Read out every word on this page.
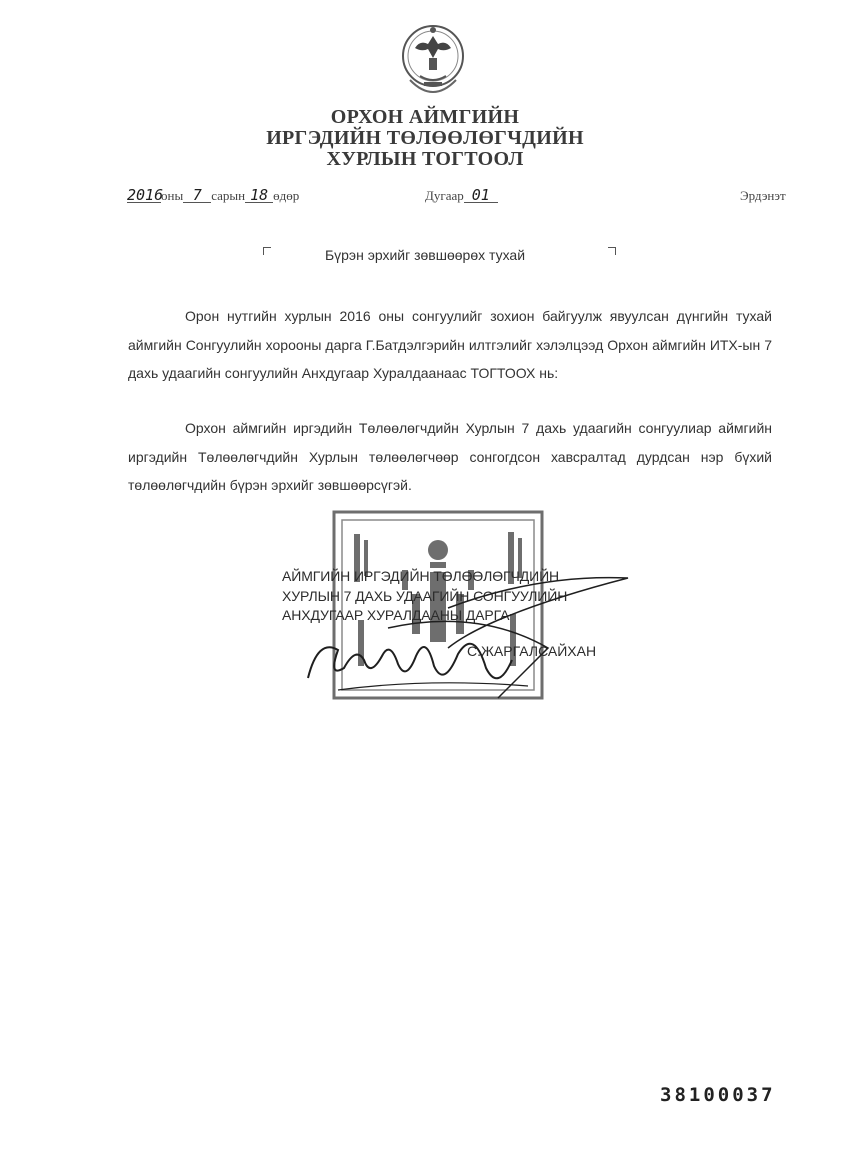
ОРХОН АЙМГИЙН
ИРГЭДИЙН ТӨЛӨӨЛӨГЧДИЙН
ХУРЛЫН ТОГТООЛ
2016оны 7 сарын 18 өдөр	Дугаар 01	Эрдэнэт
Бүрэн эрхийг зөвшөөрөх тухай
Орон нутгийн хурлын 2016 оны сонгуулийг зохион байгуулж явуулсан дүнгийн тухай аймгийн Сонгуулийн хорооны дарга Г.Батдэлгэрийн илтгэлийг хэлэлцээд Орхон аймгийн ИТХ-ын 7 дахь удаагийн сонгуулийн Анхдугаар Хуралдаанаас ТОГТООХ нь:
Орхон аймгийн иргэдийн Төлөөлөгчдийн Хурлын 7 дахь удаагийн сонгуулиар аймгийн иргэдийн Төлөөлөгчдийн Хурлын төлөөлөгчөөр сонгогдсон хавсралтад дурдсан нэр бүхий төлөөлөгчдийн бүрэн эрхийг зөвшөөрсүгэй.
АЙМГИЙН ИРГЭДИЙН ТӨЛӨӨЛӨГЧДИЙН
ХУРЛЫН 7 ДАХЬ УДААГИЙН СОНГУУЛИЙН
АНХДУГААР ХУРАЛДААНЫ ДАРГА
С.ЖАРГАЛСАЙХАН
38100037
